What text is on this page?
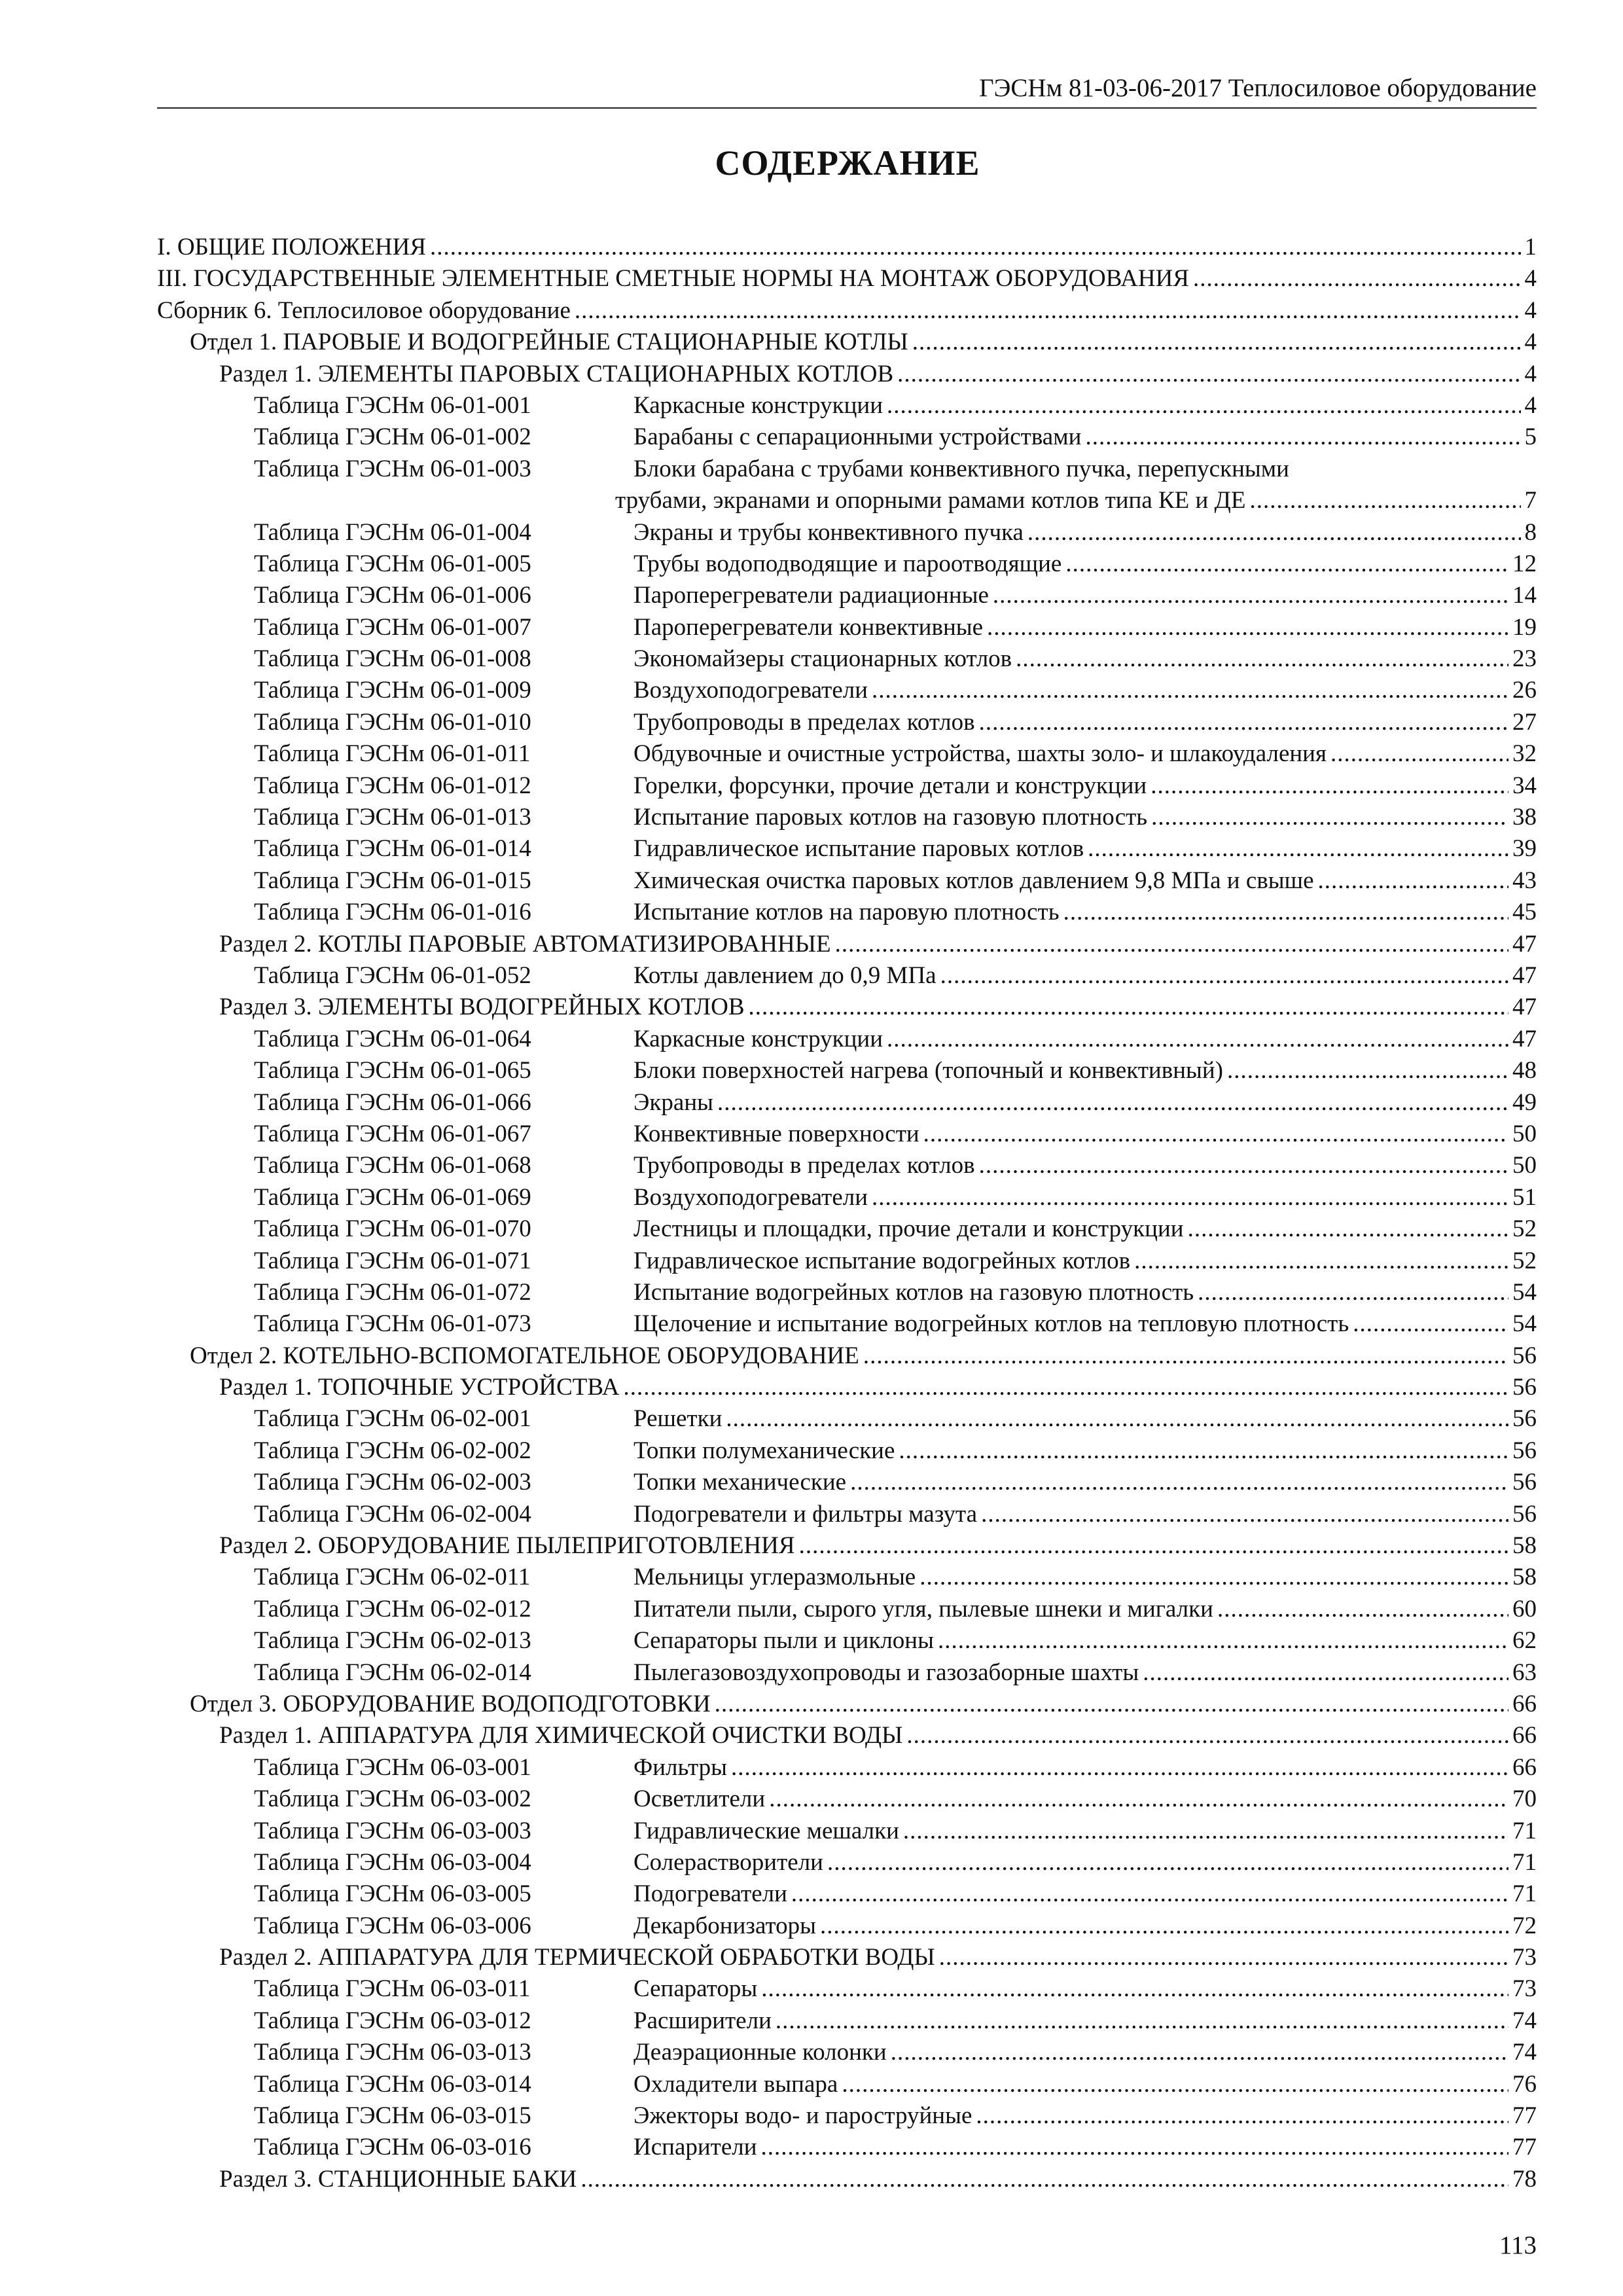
ГЭСНм 81-03-06-2017 Теплосиловое оборудование
СОДЕРЖАНИЕ
I. ОБЩИЕ ПОЛОЖЕНИЯ .....	1
III. ГОСУДАРСТВЕННЫЕ ЭЛЕМЕНТНЫЕ СМЕТНЫЕ НОРМЫ НА МОНТАЖ ОБОРУДОВАНИЯ .....	4
Сборник 6. Теплосиловое оборудование .....	4
Отдел 1. ПАРОВЫЕ И ВОДОГРЕЙНЫЕ СТАЦИОНАРНЫЕ КОТЛЫ .....	4
Раздел 1. ЭЛЕМЕНТЫ ПАРОВЫХ СТАЦИОНАРНЫХ КОТЛОВ .....	4
Таблица ГЭСНм 06-01-001	Каркасные конструкции .....	4
Таблица ГЭСНм 06-01-002	Барабаны с сепарационными устройствами .....	5
Таблица ГЭСНм 06-01-003	Блоки барабана с трубами конвективного пучка, перепускными
трубами, экранами и опорными рамами котлов типа КЕ и ДЕ .....	7
Таблица ГЭСНм 06-01-004	Экраны и трубы конвективного пучка .....	8
Таблица ГЭСНм 06-01-005	Трубы водоподводящие и пароотводящие .....	12
Таблица ГЭСНм 06-01-006	Пароперегреватели радиационные .....	14
Таблица ГЭСНм 06-01-007	Пароперегреватели конвективные .....	19
Таблица ГЭСНм 06-01-008	Экономайзеры стационарных котлов .....	23
Таблица ГЭСНм 06-01-009	Воздухоподогреватели .....	26
Таблица ГЭСНм 06-01-010	Трубопроводы в пределах котлов .....	27
Таблица ГЭСНм 06-01-011	Обдувочные и очистные устройства, шахты золо- и шлакоудаления .....	32
Таблица ГЭСНм 06-01-012	Горелки, форсунки, прочие детали и конструкции .....	34
Таблица ГЭСНм 06-01-013	Испытание паровых котлов на газовую плотность .....	38
Таблица ГЭСНм 06-01-014	Гидравлическое испытание паровых котлов .....	39
Таблица ГЭСНм 06-01-015	Химическая очистка паровых котлов давлением 9,8 МПа и свыше .....	43
Таблица ГЭСНм 06-01-016	Испытание котлов на паровую плотность .....	45
Раздел 2. КОТЛЫ ПАРОВЫЕ АВТОМАТИЗИРОВАННЫЕ .....	47
Таблица ГЭСНм 06-01-052	Котлы давлением до 0,9 МПа .....	47
Раздел 3. ЭЛЕМЕНТЫ ВОДОГРЕЙНЫХ КОТЛОВ .....	47
Таблица ГЭСНм 06-01-064	Каркасные конструкции .....	47
Таблица ГЭСНм 06-01-065	Блоки поверхностей нагрева (топочный и конвективный) .....	48
Таблица ГЭСНм 06-01-066	Экраны .....	49
Таблица ГЭСНм 06-01-067	Конвективные поверхности .....	50
Таблица ГЭСНм 06-01-068	Трубопроводы в пределах котлов .....	50
Таблица ГЭСНм 06-01-069	Воздухоподогреватели .....	51
Таблица ГЭСНм 06-01-070	Лестницы и площадки, прочие детали и конструкции .....	52
Таблица ГЭСНм 06-01-071	Гидравлическое испытание водогрейных котлов .....	52
Таблица ГЭСНм 06-01-072	Испытание водогрейных котлов на газовую плотность .....	54
Таблица ГЭСНм 06-01-073	Щелочение и испытание водогрейных котлов на тепловую плотность .....	54
Отдел 2. КОТЕЛЬНО-ВСПОМОГАТЕЛЬНОЕ ОБОРУДОВАНИЕ .....	56
Раздел 1. ТОПОЧНЫЕ УСТРОЙСТВА .....	56
Таблица ГЭСНм 06-02-001	Решетки .....	56
Таблица ГЭСНм 06-02-002	Топки полумеханические .....	56
Таблица ГЭСНм 06-02-003	Топки механические .....	56
Таблица ГЭСНм 06-02-004	Подогреватели и фильтры мазута .....	56
Раздел 2. ОБОРУДОВАНИЕ ПЫЛЕПРИГОТОВЛЕНИЯ .....	58
Таблица ГЭСНм 06-02-011	Мельницы углеразмольные .....	58
Таблица ГЭСНм 06-02-012	Питатели пыли, сырого угля, пылевые шнеки и мигалки .....	60
Таблица ГЭСНм 06-02-013	Сепараторы пыли и циклоны .....	62
Таблица ГЭСНм 06-02-014	Пылегазовоздухопроводы и газозаборные шахты .....	63
Отдел 3. ОБОРУДОВАНИЕ ВОДОПОДГОТОВКИ .....	66
Раздел 1. АППАРАТУРА ДЛЯ ХИМИЧЕСКОЙ ОЧИСТКИ ВОДЫ .....	66
Таблица ГЭСНм 06-03-001	Фильтры .....	66
Таблица ГЭСНм 06-03-002	Осветлители .....	70
Таблица ГЭСНм 06-03-003	Гидравлические мешалки .....	71
Таблица ГЭСНм 06-03-004	Солерастворители .....	71
Таблица ГЭСНм 06-03-005	Подогреватели .....	71
Таблица ГЭСНм 06-03-006	Декарбонизаторы .....	72
Раздел 2. АППАРАТУРА ДЛЯ ТЕРМИЧЕСКОЙ ОБРАБОТКИ ВОДЫ .....	73
Таблица ГЭСНм 06-03-011	Сепараторы .....	73
Таблица ГЭСНм 06-03-012	Расширители .....	74
Таблица ГЭСНм 06-03-013	Деаэрационные колонки .....	74
Таблица ГЭСНм 06-03-014	Охладители выпара .....	76
Таблица ГЭСНм 06-03-015	Эжекторы водо- и пароструйные .....	77
Таблица ГЭСНм 06-03-016	Испарители .....	77
Раздел 3. СТАНЦИОННЫЕ БАКИ .....	78
113
